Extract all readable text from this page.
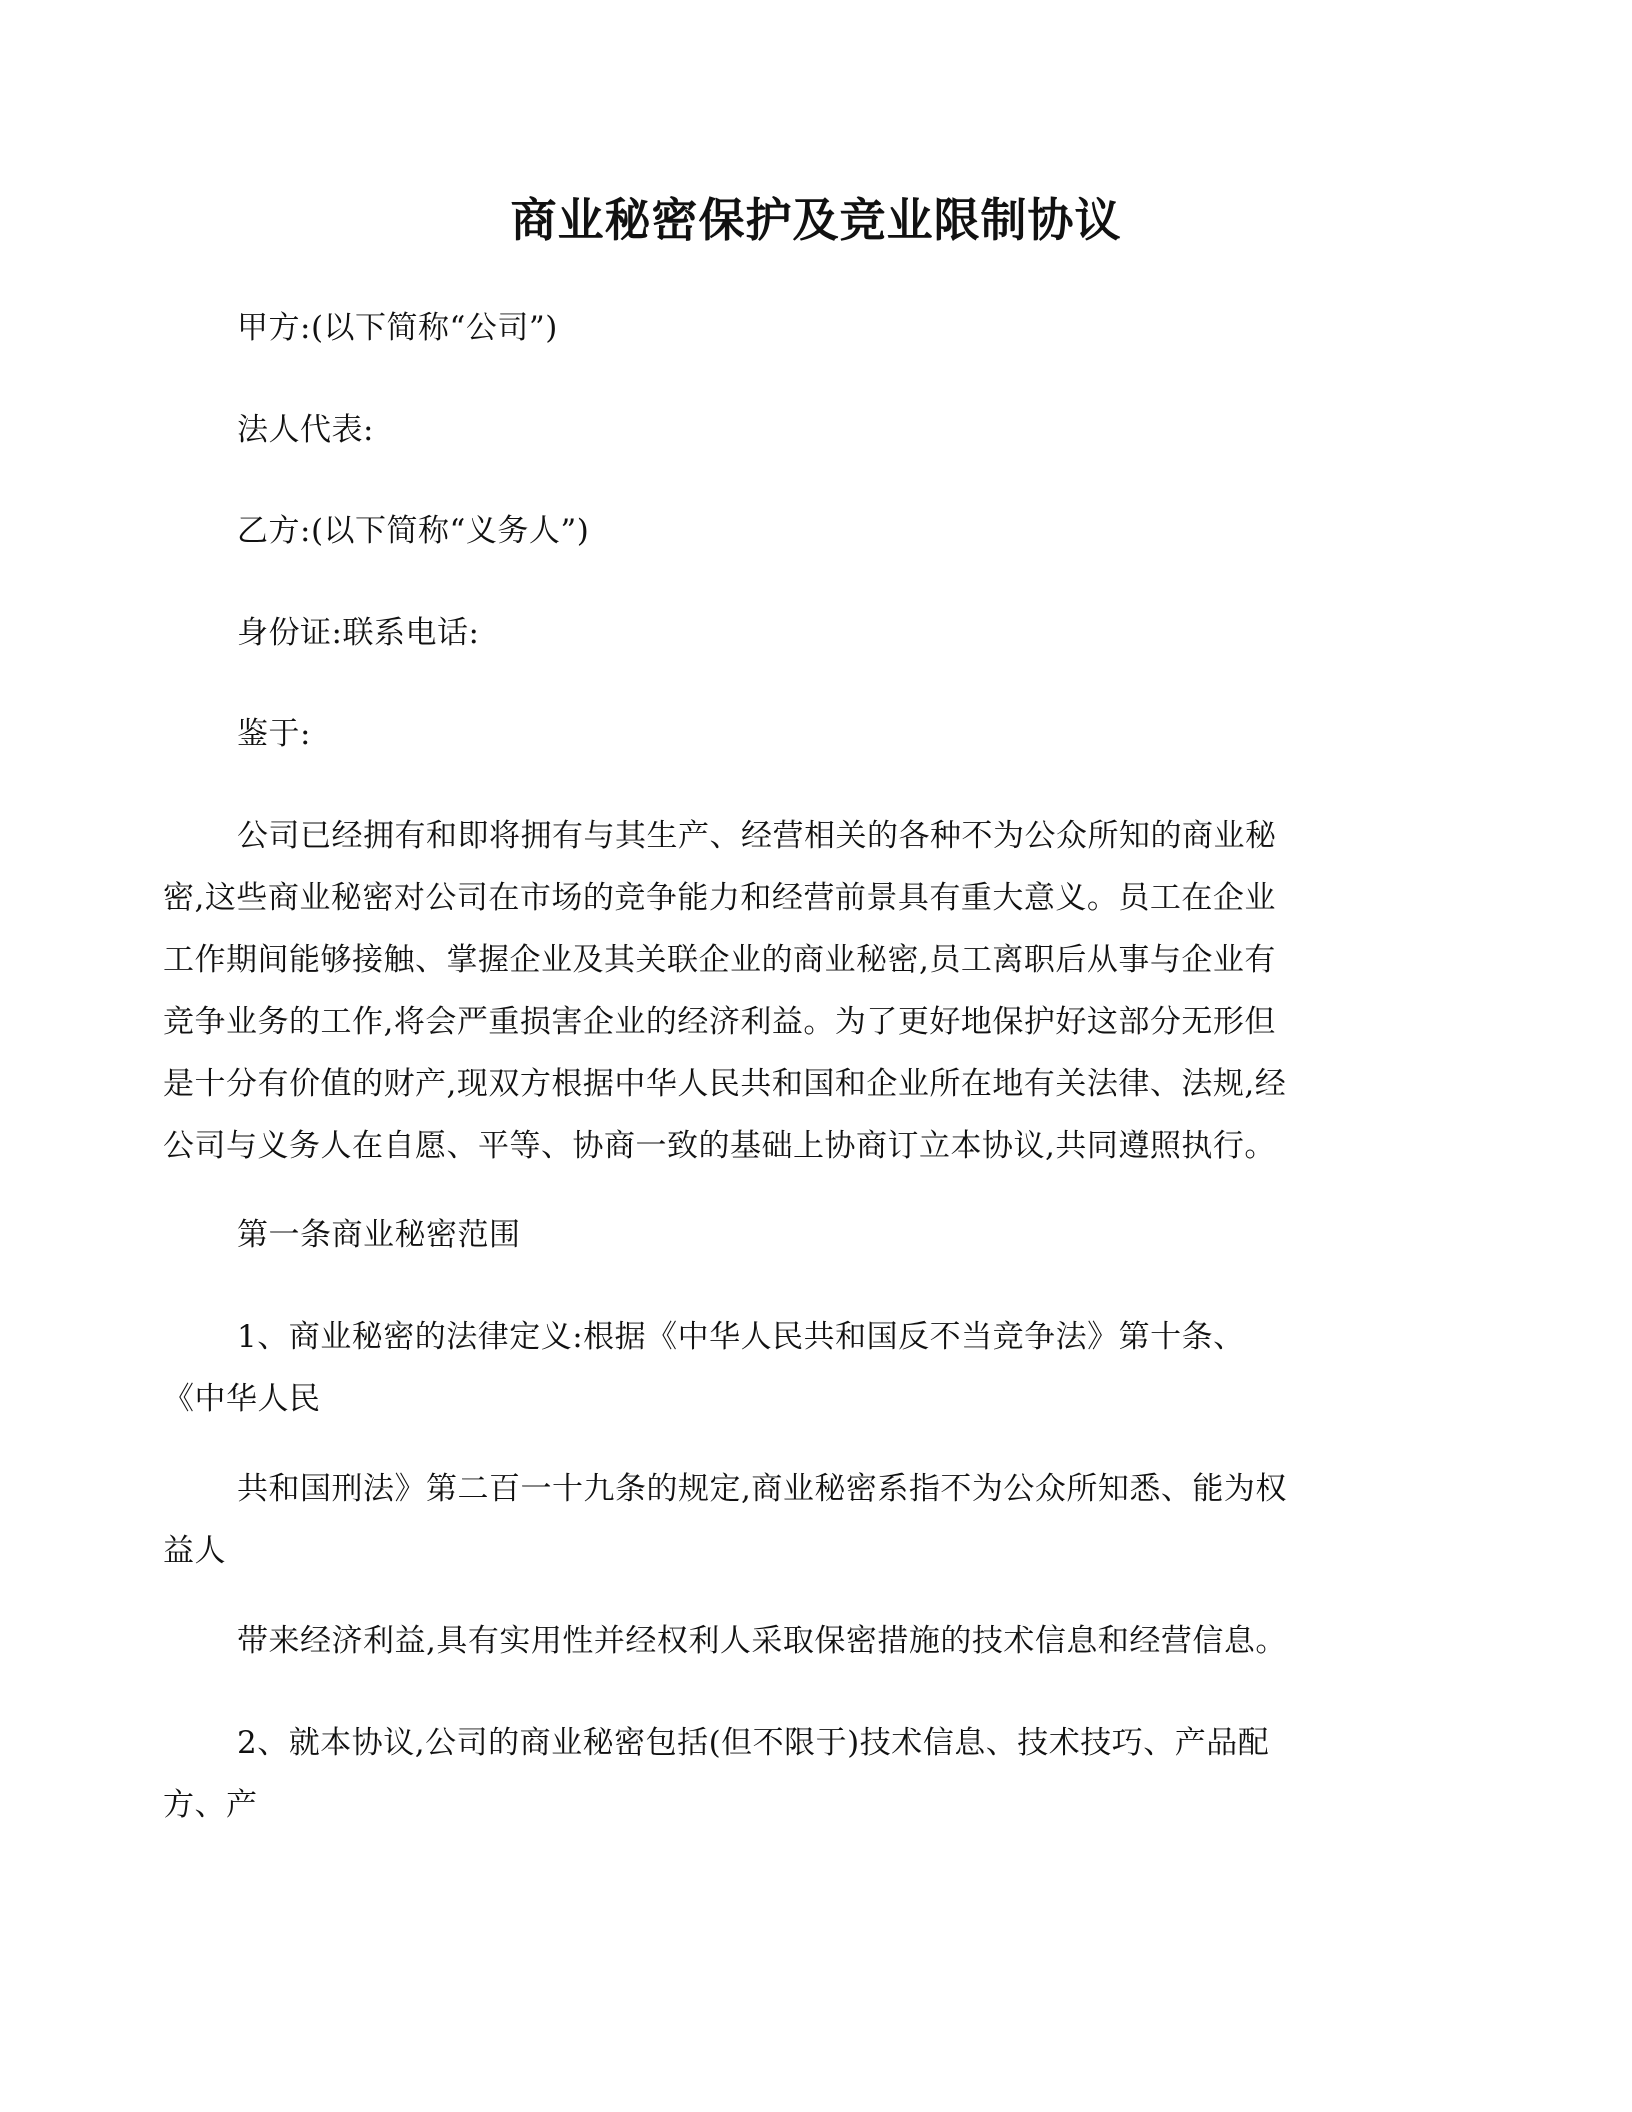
商业秘密保护及竞业限制协议

甲方:(以下简称“公司”)

法人代表:

乙方:(以下简称“义务人”)

身份证:联系电话:

鉴于:

公司已经拥有和即将拥有与其生产、经营相关的各种不为公众所知的商业秘
密,这些商业秘密对公司在市场的竞争能力和经营前景具有重大意义。员工在企业
工作期间能够接触、掌握企业及其关联企业的商业秘密,员工离职后从事与企业有
竞争业务的工作,将会严重损害企业的经济利益。为了更好地保护好这部分无形但
是十分有价值的财产,现双方根据中华人民共和国和企业所在地有关法律、法规,经
公司与义务人在自愿、平等、协商一致的基础上协商订立本协议,共同遵照执行。

第一条商业秘密范围

1、商业秘密的法律定义:根据《中华人民共和国反不当竞争法》第十条、
《中华人民
共和国刑法》第二百一十九条的规定,商业秘密系指不为公众所知悉、能为权
益人

带来经济利益,具有实用性并经权利人采取保密措施的技术信息和经营信息。

2、就本协议,公司的商业秘密包括(但不限于)技术信息、技术技巧、产品配
方、产
